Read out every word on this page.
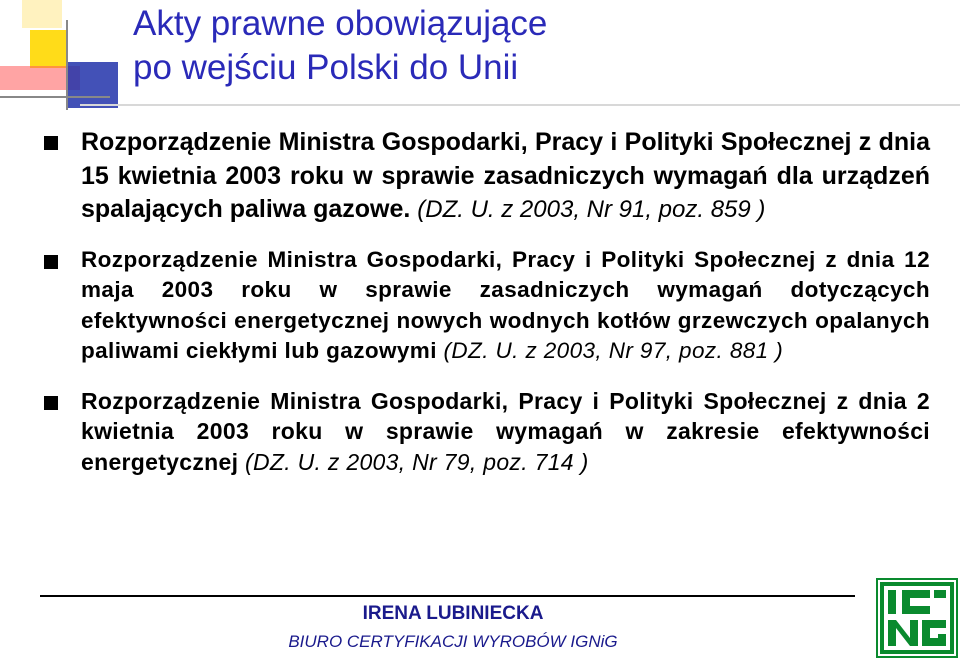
Akty prawne obowiązujące
po wejściu Polski do Unii

Rozporządzenie Ministra Gospodarki, Pracy i Polityki Społecznej z dnia 15 kwietnia 2003 roku w sprawie zasadniczych wymagań dla urządzeń spalających paliwa gazowe. (DZ. U. z 2003, Nr 91, poz. 859 )

Rozporządzenie Ministra Gospodarki, Pracy i Polityki Społecznej z dnia 12 maja 2003 roku w sprawie zasadniczych wymagań dotyczących efektywności energetycznej nowych wodnych kotłów grzewczych opalanych paliwami ciekłymi lub gazowymi (DZ. U. z 2003, Nr 97, poz. 881 )

Rozporządzenie Ministra Gospodarki, Pracy i Polityki Społecznej z dnia 2 kwietnia 2003 roku w sprawie wymagań w zakresie efektywności energetycznej (DZ. U. z 2003, Nr 79, poz. 714 )

IRENA LUBINIECKA
BIURO CERTYFIKACJI WYROBÓW IGNiG
